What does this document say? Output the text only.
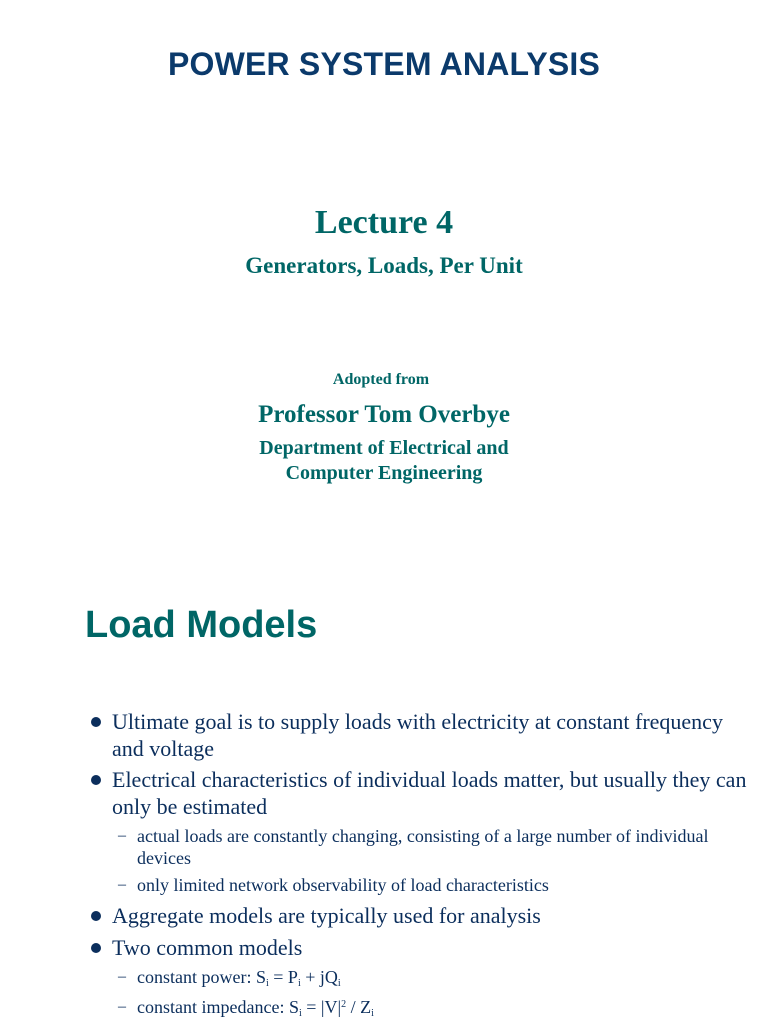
POWER SYSTEM ANALYSIS
Lecture 4
Generators, Loads, Per Unit
Adopted from
Professor Tom Overbye
Department of Electrical and
Computer Engineering
Load Models
Ultimate goal is to supply loads with electricity at constant frequency
and voltage
Electrical characteristics of individual loads matter, but usually they can
only be estimated
– actual loads are constantly changing, consisting of a large number of individual
devices
– only limited network observability of load characteristics
Aggregate models are typically used for analysis
Two common models
– constant power: $S_i = P_i + jQ_i$
– constant impedance: $S_i = |V|^2 / Z_i$
